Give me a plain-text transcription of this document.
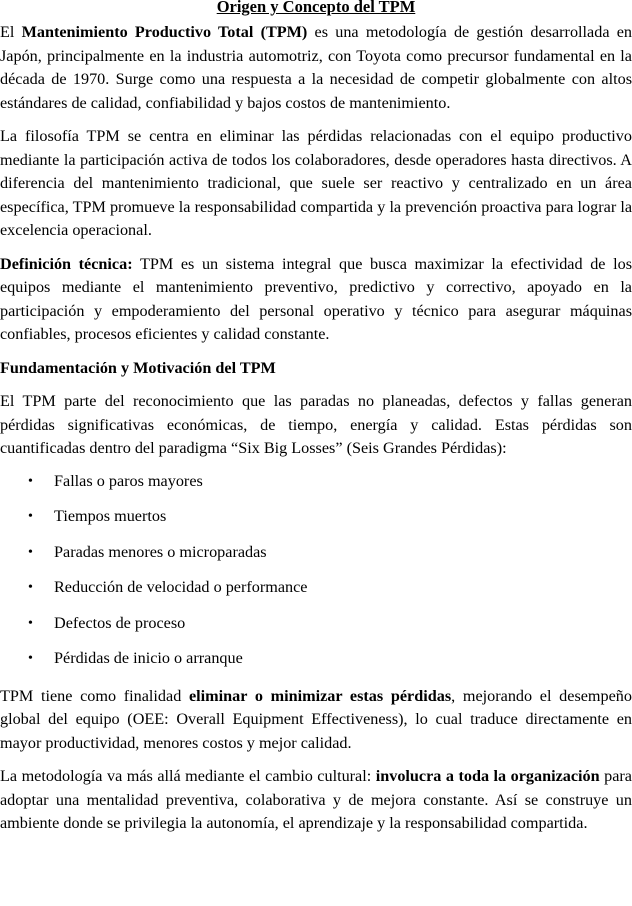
Origen y Concepto del TPM

El Mantenimiento Productivo Total (TPM) es una metodología de gestión desarrollada en Japón, principalmente en la industria automotriz, con Toyota como precursor fundamental en la década de 1970. Surge como una respuesta a la necesidad de competir globalmente con altos estándares de calidad, confiabilidad y bajos costos de mantenimiento.

La filosofía TPM se centra en eliminar las pérdidas relacionadas con el equipo productivo mediante la participación activa de todos los colaboradores, desde operadores hasta directivos. A diferencia del mantenimiento tradicional, que suele ser reactivo y centralizado en un área específica, TPM promueve la responsabilidad compartida y la prevención proactiva para lograr la excelencia operacional.

Definición técnica: TPM es un sistema integral que busca maximizar la efectividad de los equipos mediante el mantenimiento preventivo, predictivo y correctivo, apoyado en la participación y empoderamiento del personal operativo y técnico para asegurar máquinas confiables, procesos eficientes y calidad constante.

Fundamentación y Motivación del TPM

El TPM parte del reconocimiento que las paradas no planeadas, defectos y fallas generan pérdidas significativas económicas, de tiempo, energía y calidad. Estas pérdidas son cuantificadas dentro del paradigma “Six Big Losses” (Seis Grandes Pérdidas):

• Fallas o paros mayores
• Tiempos muertos
• Paradas menores o microparadas
• Reducción de velocidad o performance
• Defectos de proceso
• Pérdidas de inicio o arranque

TPM tiene como finalidad eliminar o minimizar estas pérdidas, mejorando el desempeño global del equipo (OEE: Overall Equipment Effectiveness), lo cual traduce directamente en mayor productividad, menores costos y mejor calidad.

La metodología va más allá mediante el cambio cultural: involucra a toda la organización para adoptar una mentalidad preventiva, colaborativa y de mejora constante. Así se construye un ambiente donde se privilegia la autonomía, el aprendizaje y la responsabilidad compartida.
